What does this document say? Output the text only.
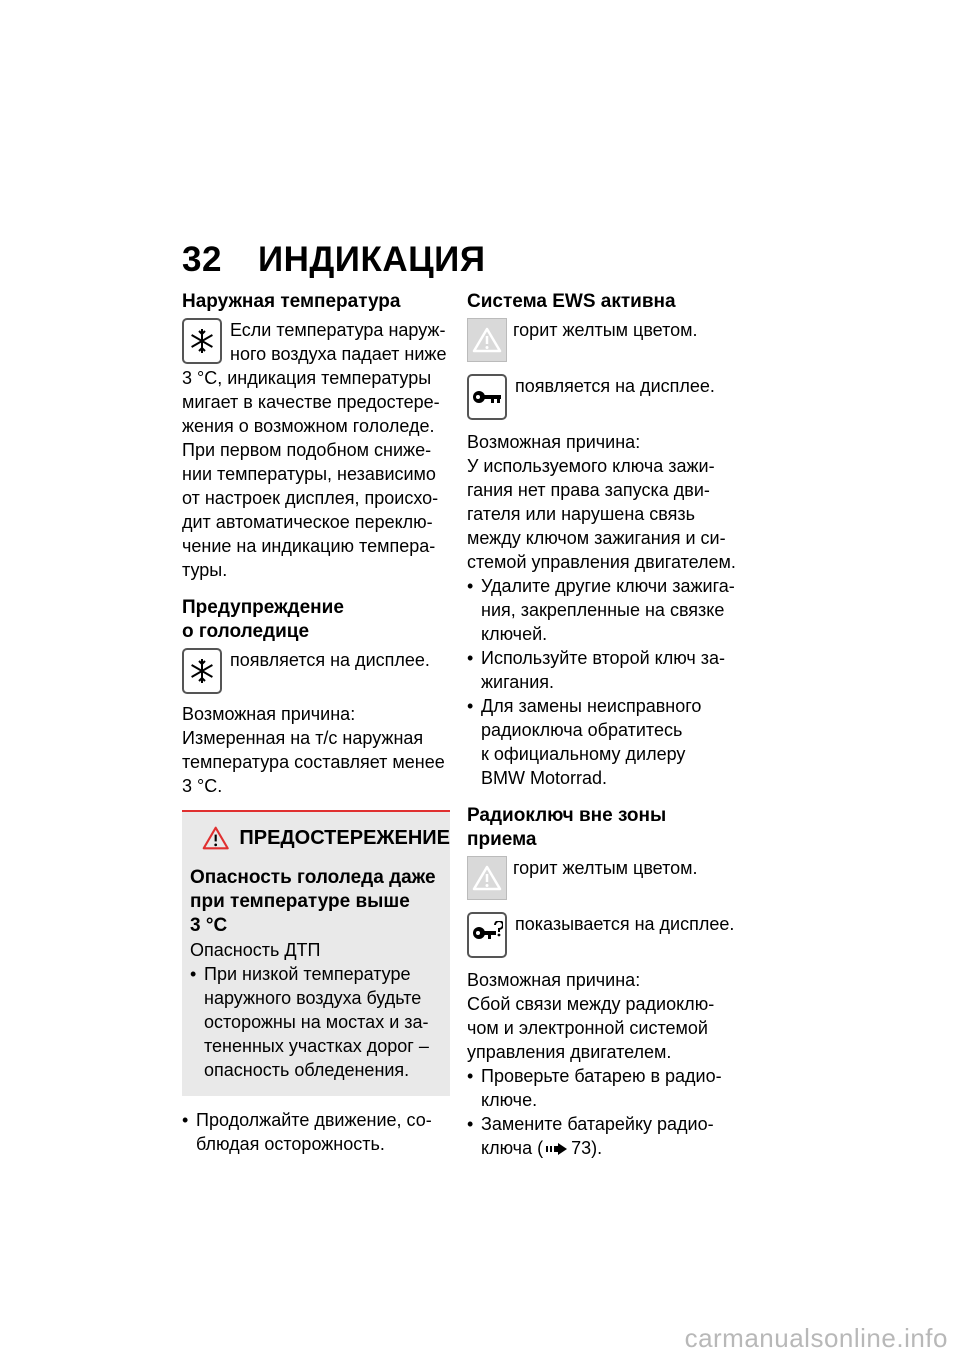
32 ИНДИКАЦИЯ
Наружная температура
Если температура наруж-
ного воздуха падает ниже
3 °С, индикация температуры
мигает в качестве предостере-
жения о возможном гололеде.
При первом подобном сниже-
нии температуры, независимо
от настроек дисплея, происхо-
дит автоматическое переклю-
чение на индикацию темпера-
туры.
Предупреждение
о гололедице
появляется на дисплее.
Возможная причина:
Измеренная на т/с наружная
температура составляет менее
3 °С.
ПРЕДОСТЕРЕЖЕНИЕ
Опасность гололеда даже
при температуре выше
3 °С
Опасность ДТП
• При низкой температуре
наружного воздуха будьте
осторожны на мостах и за-
тененных участках дорог –
опасность обледенения.
• Продолжайте движение, со-
блюдая осторожность.
Система EWS активна
горит желтым цветом.
появляется на дисплее.
Возможная причина:
У используемого ключа зажи-
гания нет права запуска дви-
гателя или нарушена связь
между ключом зажигания и си-
стемой управления двигателем.
• Удалите другие ключи зажига-
ния, закрепленные на связке
ключей.
• Используйте второй ключ за-
жигания.
• Для замены неисправного
радиоключа обратитесь
к официальному дилеру
BMW Motorrad.
Радиоключ вне зоны
приема
горит желтым цветом.
показывается на дисплее.
Возможная причина:
Сбой связи между радиоклю-
чом и электронной системой
управления двигателем.
• Проверьте батарею в радио-
ключе.
• Замените батарейку радио-
ключа ( 73).
carmanualsonline.info
